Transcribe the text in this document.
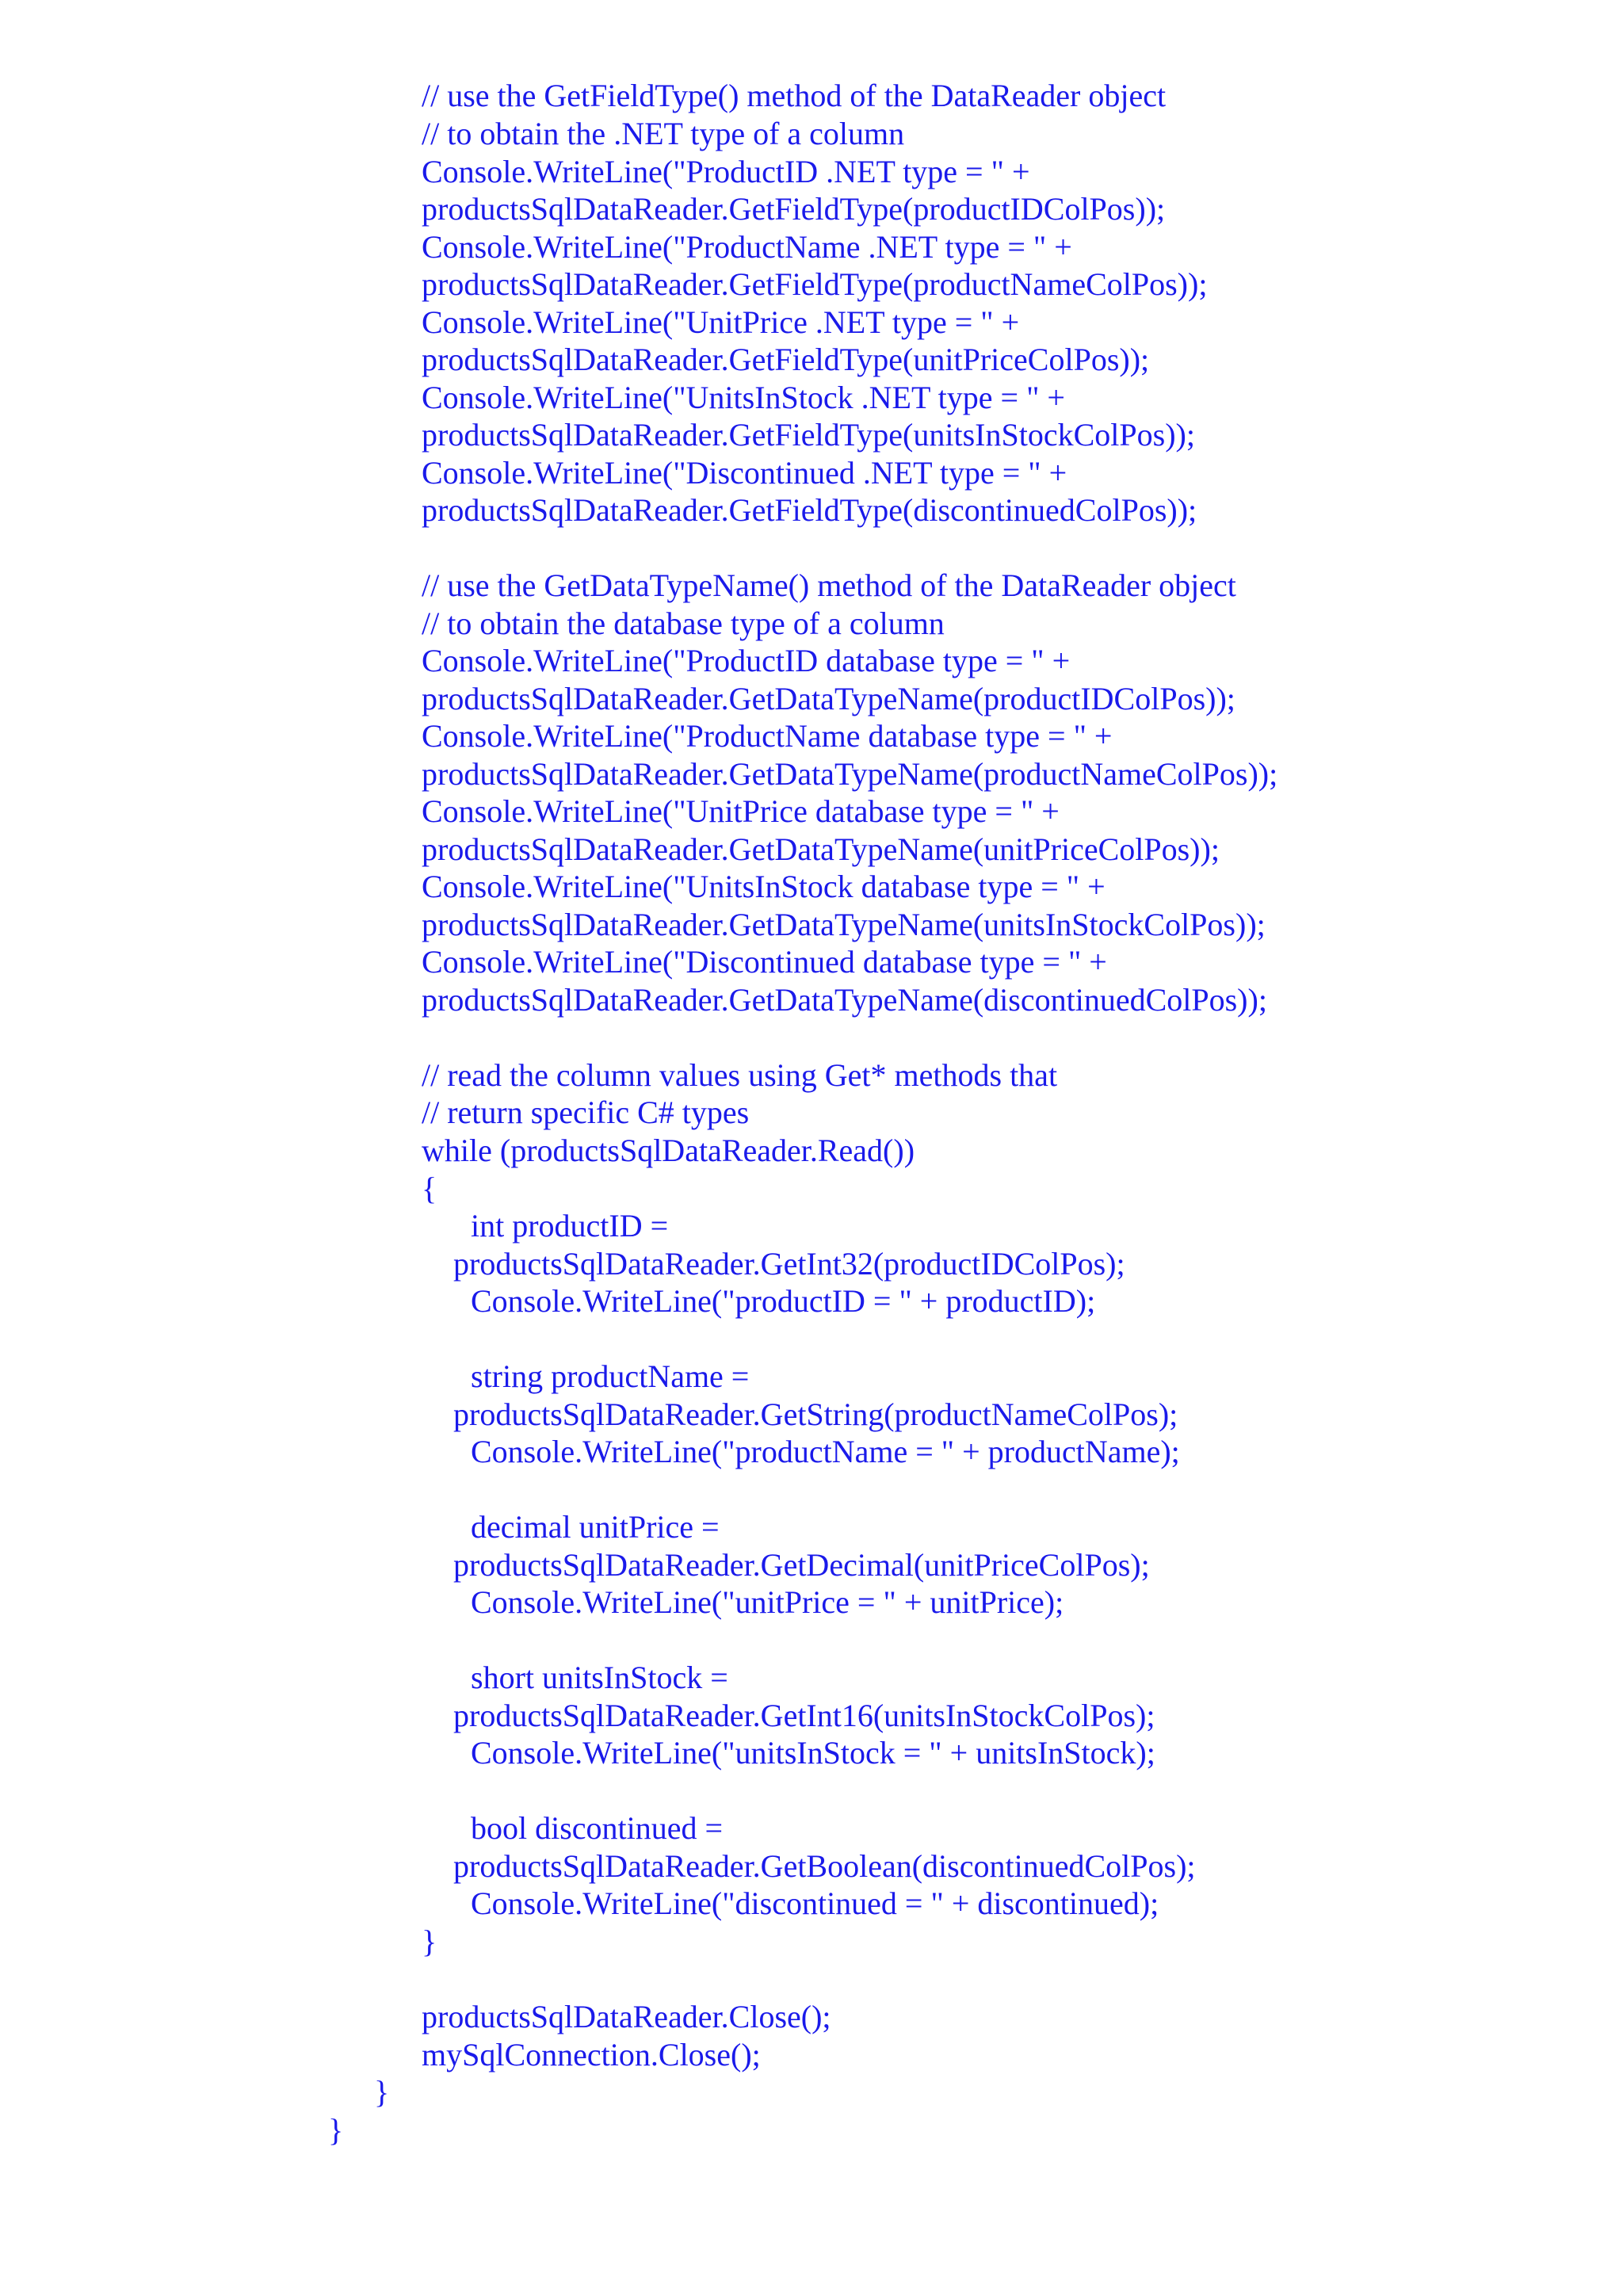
// use the GetFieldType() method of the DataReader object
// to obtain the .NET type of a column
Console.WriteLine("ProductID .NET type = " +
productsSqlDataReader.GetFieldType(productIDColPos));
Console.WriteLine("ProductName .NET type = " +
productsSqlDataReader.GetFieldType(productNameColPos));
Console.WriteLine("UnitPrice .NET type = " +
productsSqlDataReader.GetFieldType(unitPriceColPos));
Console.WriteLine("UnitsInStock .NET type = " +
productsSqlDataReader.GetFieldType(unitsInStockColPos));
Console.WriteLine("Discontinued .NET type = " +
productsSqlDataReader.GetFieldType(discontinuedColPos));
// use the GetDataTypeName() method of the DataReader object
// to obtain the database type of a column
Console.WriteLine("ProductID database type = " +
productsSqlDataReader.GetDataTypeName(productIDColPos));
Console.WriteLine("ProductName database type = " +
productsSqlDataReader.GetDataTypeName(productNameColPos));
Console.WriteLine("UnitPrice database type = " +
productsSqlDataReader.GetDataTypeName(unitPriceColPos));
Console.WriteLine("UnitsInStock database type = " +
productsSqlDataReader.GetDataTypeName(unitsInStockColPos));
Console.WriteLine("Discontinued database type = " +
productsSqlDataReader.GetDataTypeName(discontinuedColPos));
// read the column values using Get* methods that
// return specific C# types
while (productsSqlDataReader.Read())
{
int productID =
productsSqlDataReader.GetInt32(productIDColPos);
Console.WriteLine("productID = " + productID);
string productName =
productsSqlDataReader.GetString(productNameColPos);
Console.WriteLine("productName = " + productName);
decimal unitPrice =
productsSqlDataReader.GetDecimal(unitPriceColPos);
Console.WriteLine("unitPrice = " + unitPrice);
short unitsInStock =
productsSqlDataReader.GetInt16(unitsInStockColPos);
Console.WriteLine("unitsInStock = " + unitsInStock);
bool discontinued =
productsSqlDataReader.GetBoolean(discontinuedColPos);
Console.WriteLine("discontinued = " + discontinued);
}
productsSqlDataReader.Close();
mySqlConnection.Close();
}
}
